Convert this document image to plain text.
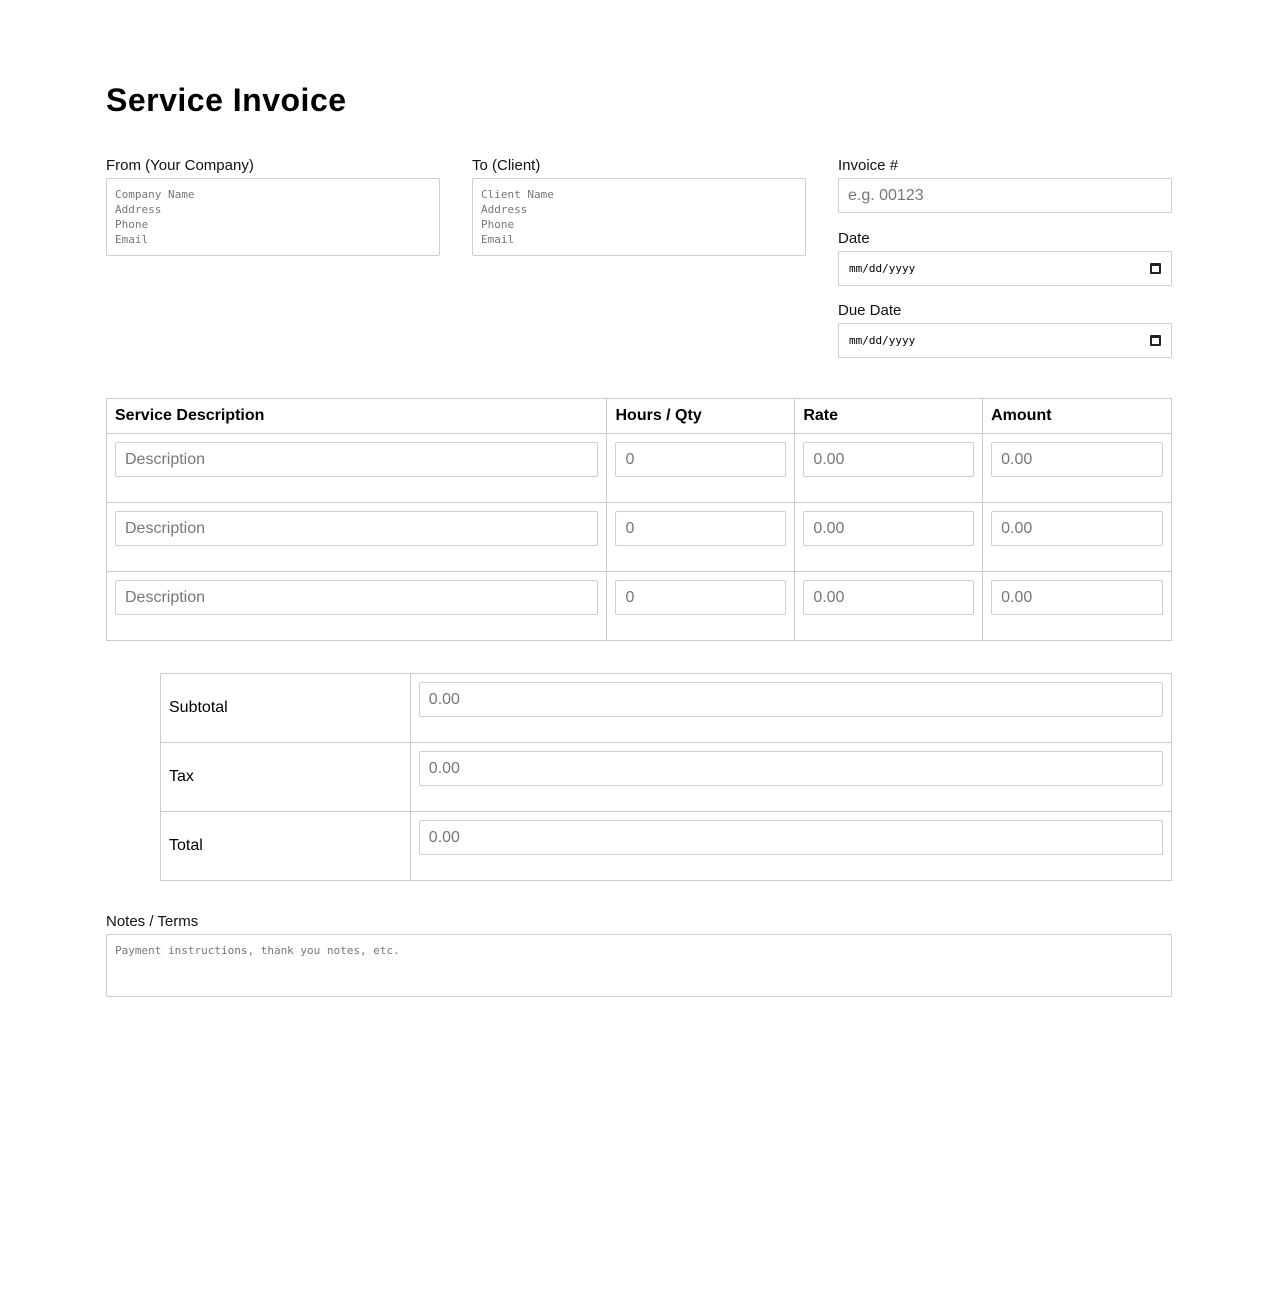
Service Invoice
From (Your Company)
Company Name Address Phone Email	To (Client)
Client Name Address Phone Email	Invoice #
e.g. 00123
Date
mm/dd/yyyy
Due Date
mm/dd/yyyy
Service Description	Hours / Qty	Rate	Amount
Description	0	0.00	0.00
Description	0	0.00	0.00
Description	0	0.00	0.00
Subtotal	0.00
Tax	0.00
Total	0.00
Notes / Terms
Payment instructions, thank you notes, etc.
